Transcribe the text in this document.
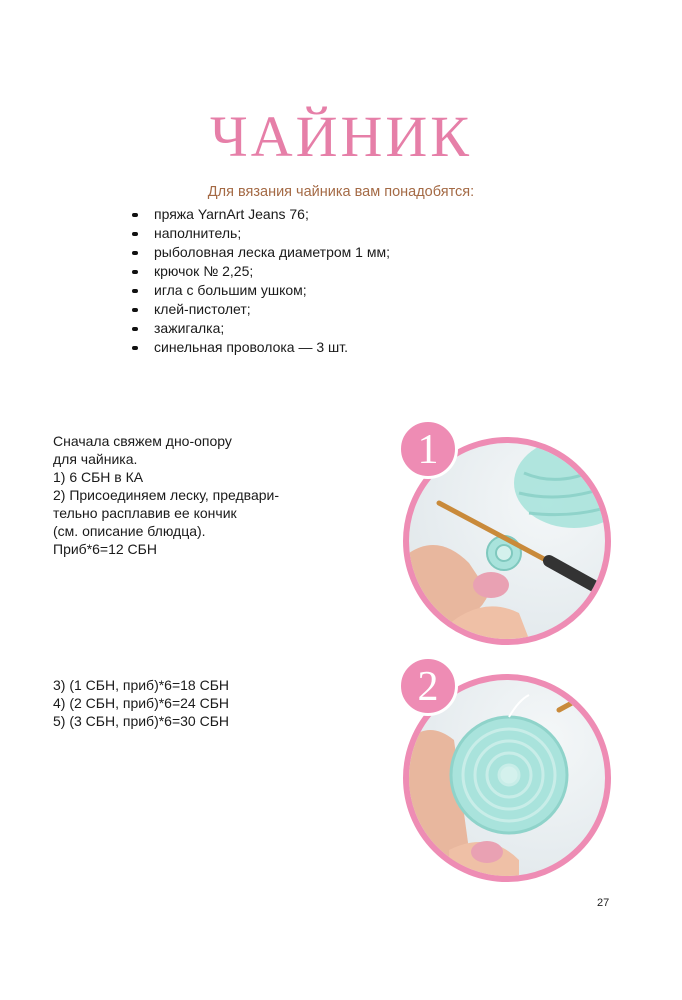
ЧАЙНИК
Для вязания чайника вам понадобятся:
пряжа YarnArt Jeans 76;
наполнитель;
рыболовная леска диаметром 1 мм;
крючок № 2,25;
игла с большим ушком;
клей-пистолет;
зажигалка;
синельная проволока — 3 шт.
Сначала свяжем дно-опору
для чайника.
1) 6 СБН в КА
2) Присоединяем леску, предвари-
тельно расплавив ее кончик
(см. описание блюдца).
Приб*6=12 СБН
1
3) (1 СБН, приб)*6=18 СБН
4) (2 СБН, приб)*6=24 СБН
5) (3 СБН, приб)*6=30 СБН
2
27
